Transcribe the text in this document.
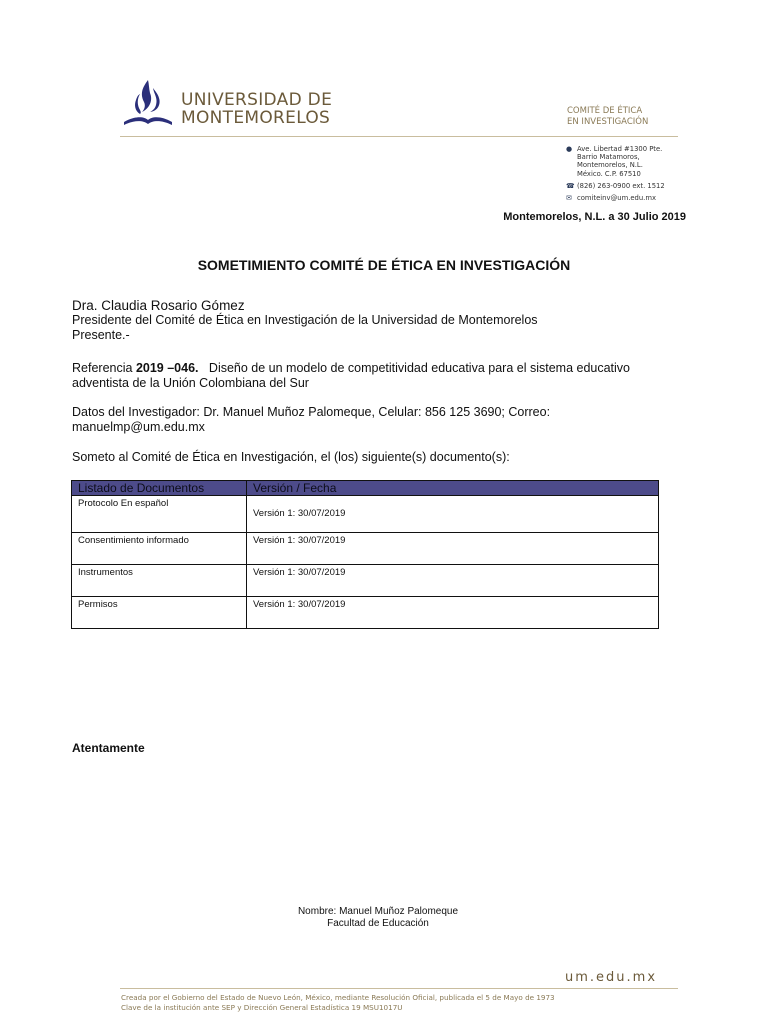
UNIVERSIDAD DE
MONTEMORELOS	COMITÉ DE ÉTICA
EN INVESTIGACIÓN
● Ave. Libertad #1300 Pte.
Barrio Matamoros,
Montemorelos, N.L.
México. C.P. 67510
☎ (826) 263-0900 ext. 1512
✉ comiteinv@um.edu.mx
Montemorelos, N.L. a 30 Julio 2019
SOMETIMIENTO COMITÉ DE ÉTICA EN INVESTIGACIÓN
Dra. Claudia Rosario Gómez
Presidente del Comité de Ética en Investigación de la Universidad de Montemorelos
Presente.-
Referencia 2019 –046.   Diseño de un modelo de competitividad educativa para el sistema educativo
adventista de la Unión Colombiana del Sur
Datos del Investigador: Dr. Manuel Muñoz Palomeque, Celular: 856 125 3690; Correo:
manuelmp@um.edu.mx
Someto al Comité de Ética en Investigación, el (los) siguiente(s) documento(s):
Listado de Documentos	Versión / Fecha
Protocolo En español	Versión 1: 30/07/2019
Consentimiento informado	Versión 1: 30/07/2019
Instrumentos	Versión 1: 30/07/2019
Permisos	Versión 1: 30/07/2019
Atentamente
Nombre: Manuel Muñoz Palomeque
Facultad de Educación
um.edu.mx
Creada por el Gobierno del Estado de Nuevo León, México, mediante Resolución Oficial, publicada el 5 de Mayo de 1973
Clave de la institución ante SEP y Dirección General Estadística 19 MSU1017U
